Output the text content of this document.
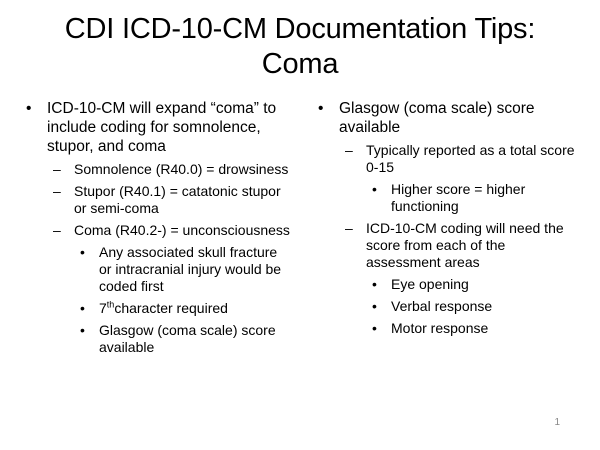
CDI ICD-10-CM Documentation Tips:
Coma
• ICD-10-CM will expand “coma” to include coding for somnolence, stupor, and coma
– Somnolence (R40.0) = drowsiness
– Stupor (R40.1) = catatonic stupor or semi-coma
– Coma (R40.2-) = unconsciousness
• Any associated skull fracture or intracranial injury would be coded first
• 7thcharacter required
• Glasgow (coma scale) score available
• Glasgow (coma scale) score available
– Typically reported as a total score 0-15
• Higher score = higher functioning
– ICD-10-CM coding will need the score from each of the assessment areas
• Eye opening
• Verbal response
• Motor response
1
